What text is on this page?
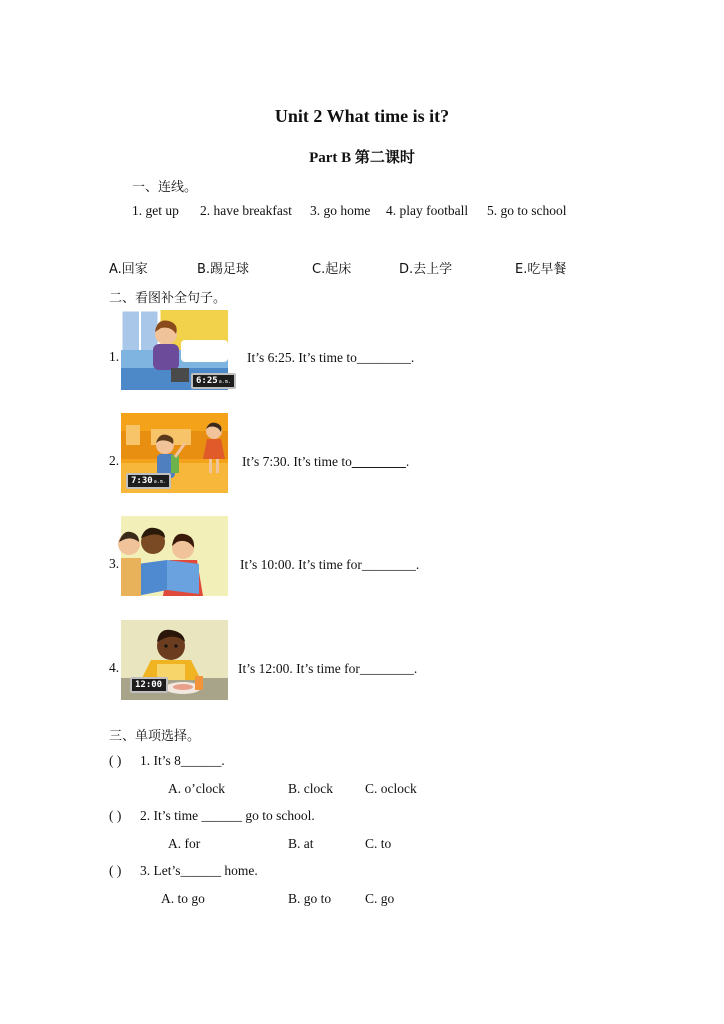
Unit 2 What time is it?
Part B 第二课时
一、连线。
1. get up 2. have breakfast 3. go home 4. play football 5. go to school
A.回家	B.踢足球	C.起床	D.去上学	E.吃早餐
二、看图补全句子。
1.
6:25a.m.
It’s 6:25. It’s time to________.
2.
7:30a.m.
It’s 7:30. It’s time to________.
3.	It’s 10:00. It’s time for________.
4.
12:00
It’s 12:00. It’s time for________.
三、单项选择。
( ) 1. It’s 8______.
A. o’clock	B. clock C. oclock
( ) 2. It’s time ______ go to school.
A. for	B. at	C. to
( ) 3. Let’s______ home.
A. to go	B. go to	C. go
